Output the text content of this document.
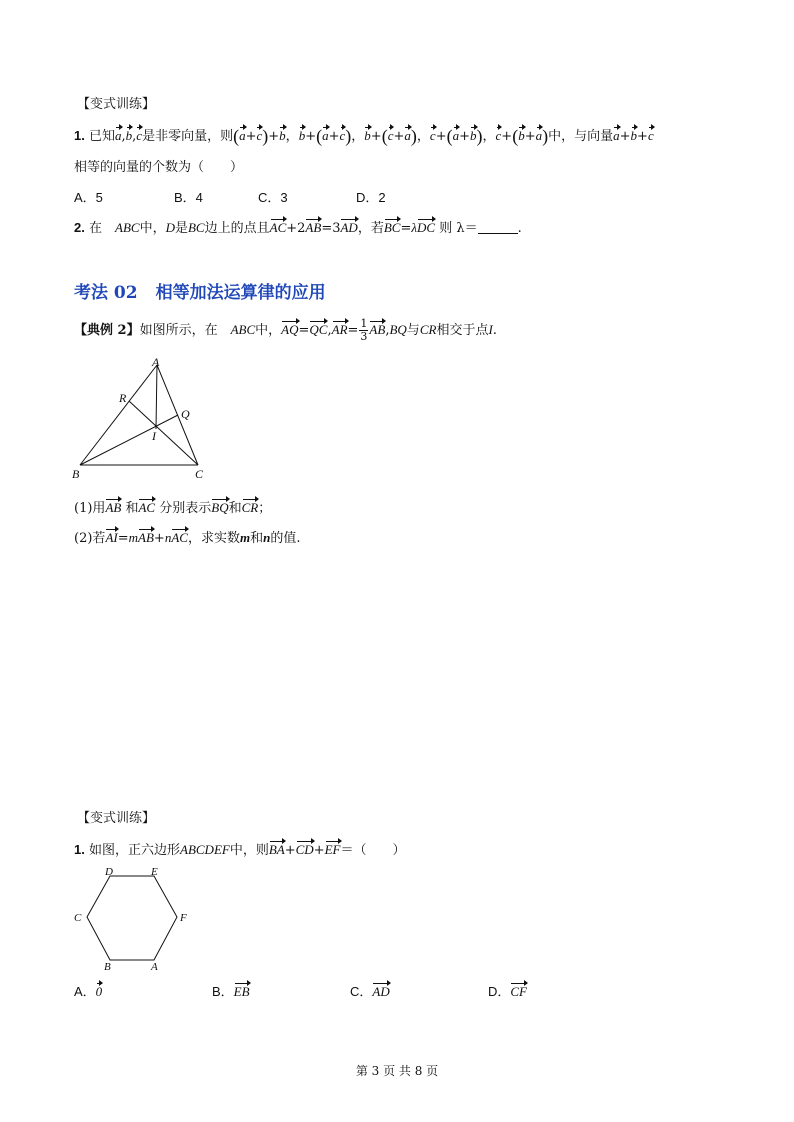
【变式训练】
1. 已知a,b,c是非零向量，则(a+c)+b，b+(a+c)，b+(c+a)，c+(a+b)，c+(b+a)中，与向量a+b+c
相等的向量的个数为（　　）
A．5	B．4	C．3	D．2
2. 在　ABC中，D是BC边上的点且AC+2AB=3AD，若BC=λDC 则 λ＝	.
考法 02 相等加法运算律的应用
【典例 2】如图所示，在　ABC中，$AQ=QC,AR= \frac{1}{3} AB,BQ$与CR相交于点I.
A
B	C
R
Q
I
(1)用AB 和AC 分别表示BQ和CR；
(2)若AI=mAB+nAC，求实数m和n的值.
【变式训练】
1. 如图，正六边形ABCDEF中，则BA+CD+EF＝（　　）
A
B
C
D	E
F
A．0	B．EB	C．AD	D．CF
第 3 页 共 8 页
